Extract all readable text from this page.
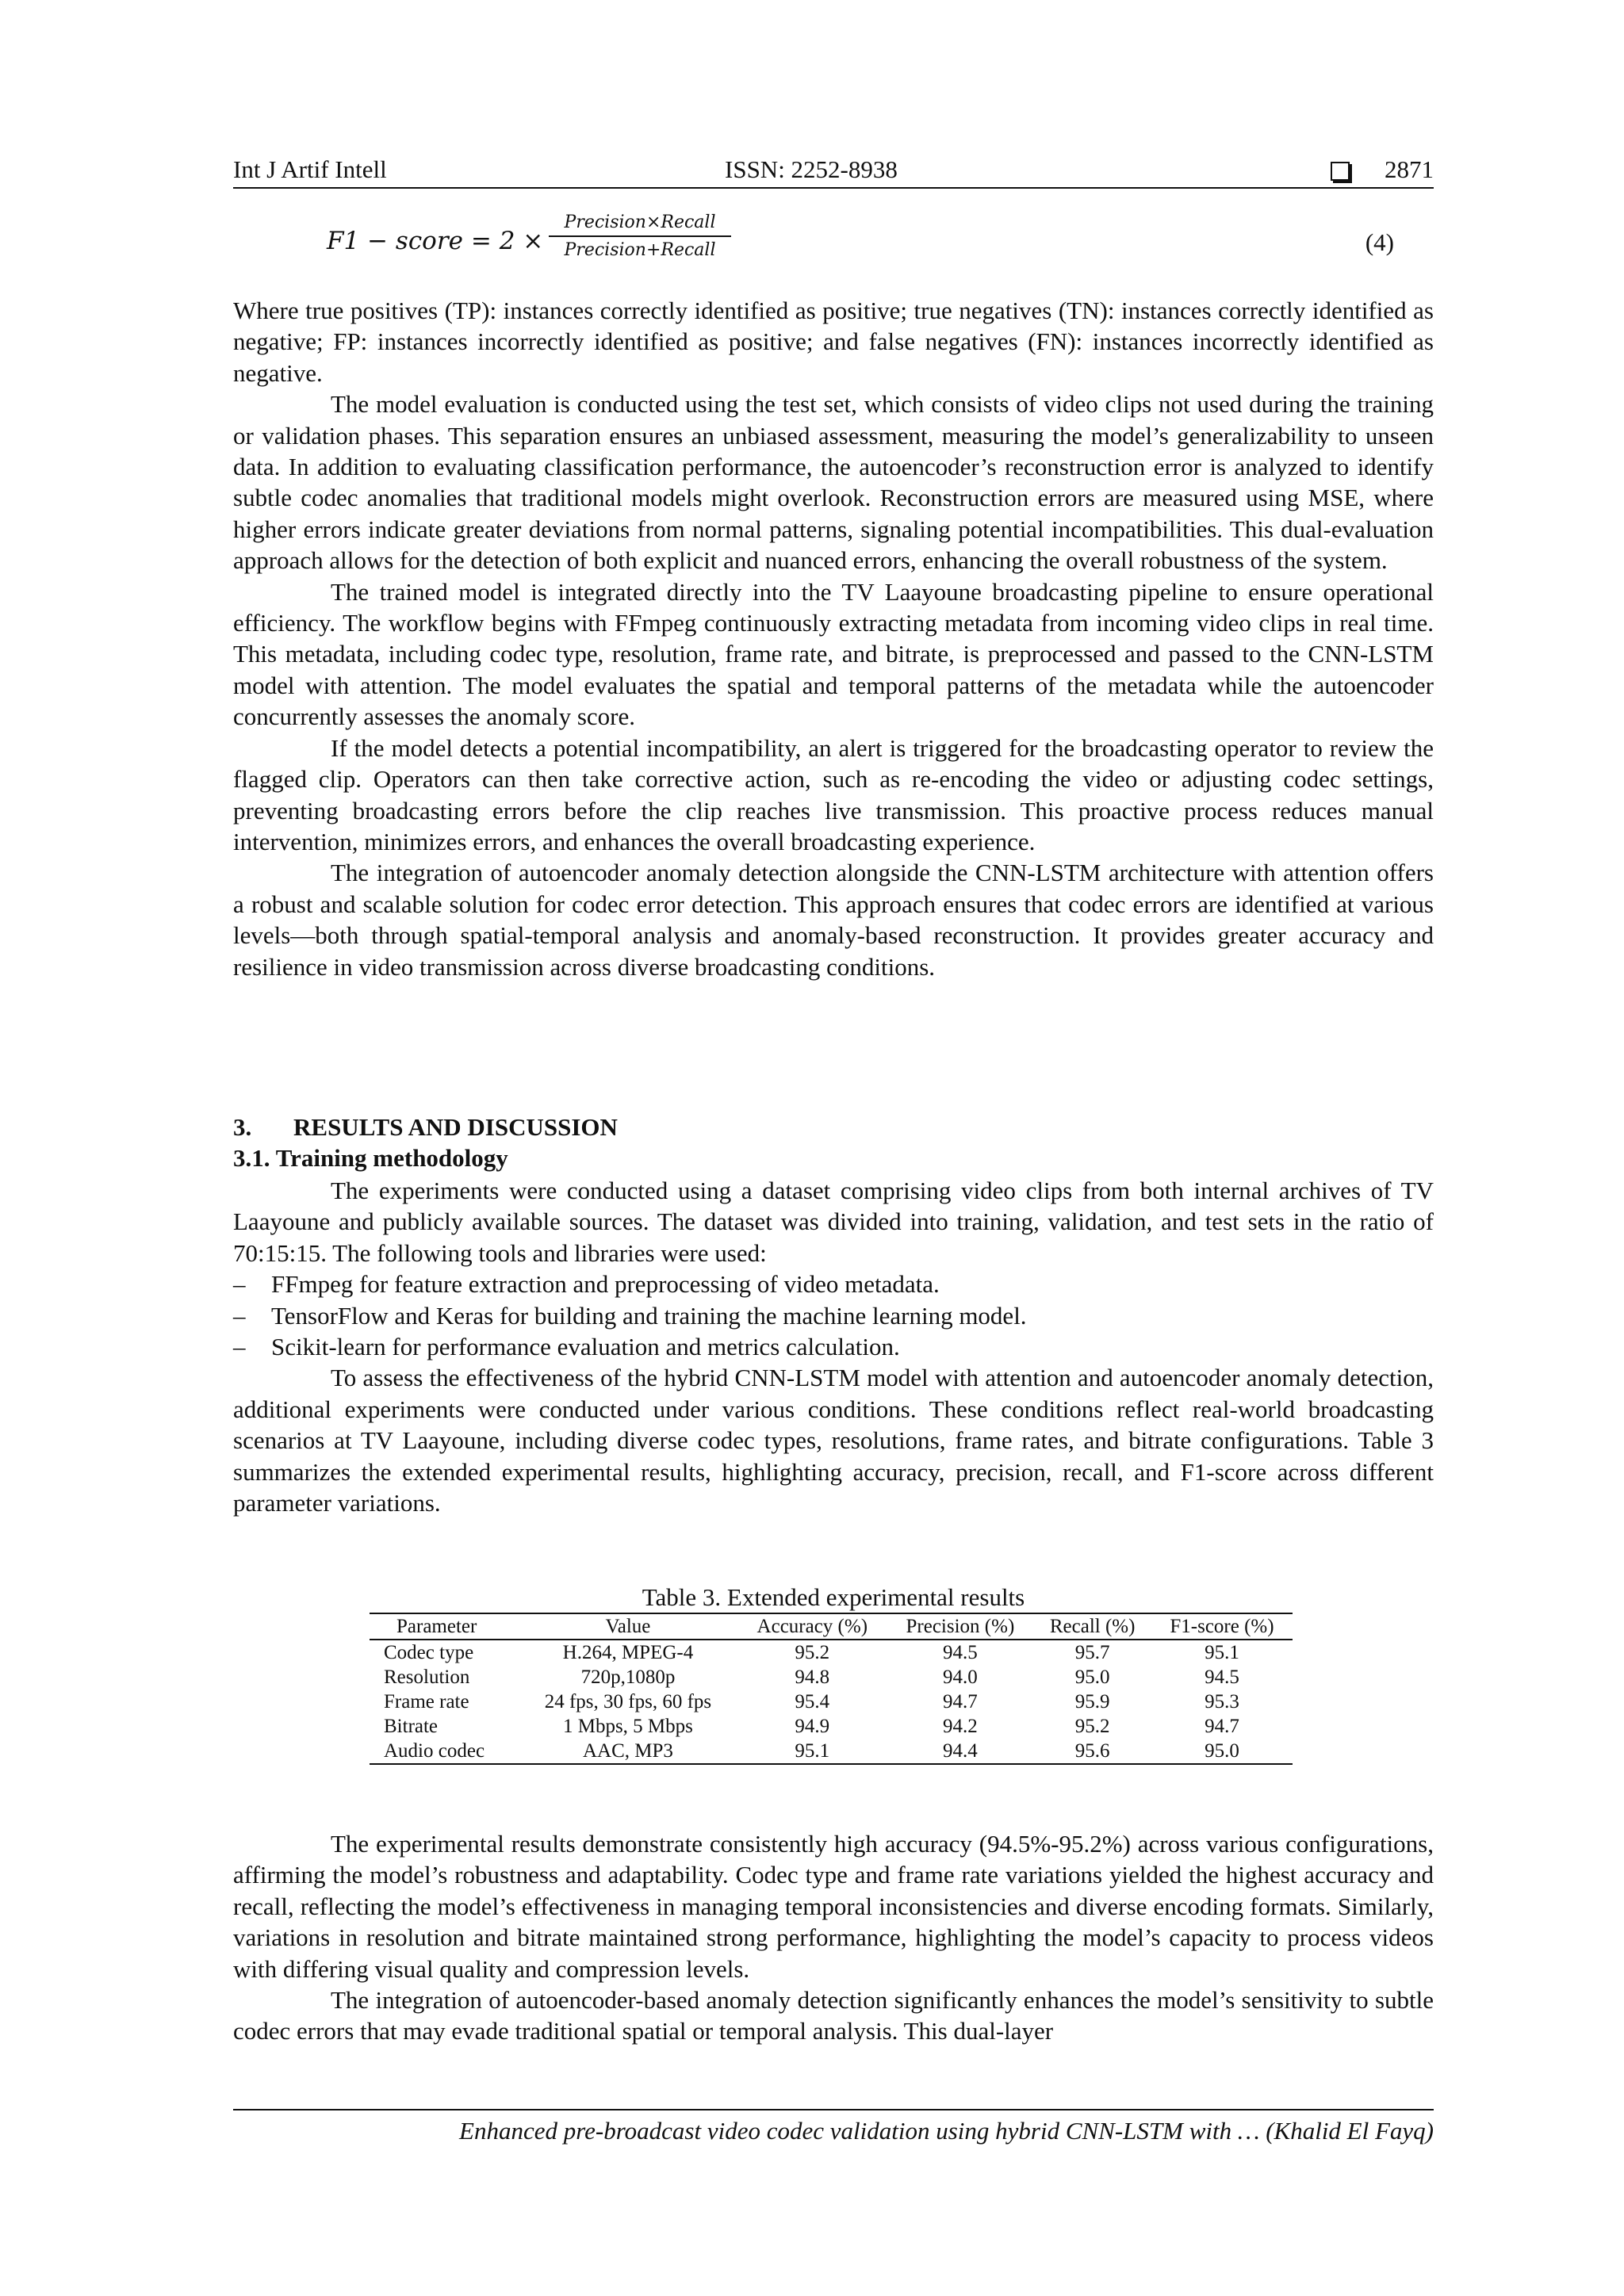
Int J Artif Intell	ISSN: 2252-8938	2871
F1 − score = 2 ×
Precision×Recall
Precision+Recall	(4)

Where true positives (TP): instances correctly identified as positive; true negatives (TN): instances correctly identified as negative; FP: instances incorrectly identified as positive; and false negatives (FN): instances incorrectly identified as negative.

The model evaluation is conducted using the test set, which consists of video clips not used during the training or validation phases. This separation ensures an unbiased assessment, measuring the model’s generalizability to unseen data. In addition to evaluating classification performance, the autoencoder’s reconstruction error is analyzed to identify subtle codec anomalies that traditional models might overlook. Reconstruction errors are measured using MSE, where higher errors indicate greater deviations from normal patterns, signaling potential incompatibilities. This dual-evaluation approach allows for the detection of both explicit and nuanced errors, enhancing the overall robustness of the system.

The trained model is integrated directly into the TV Laayoune broadcasting pipeline to ensure operational efficiency. The workflow begins with FFmpeg continuously extracting metadata from incoming video clips in real time. This metadata, including codec type, resolution, frame rate, and bitrate, is preprocessed and passed to the CNN-LSTM model with attention. The model evaluates the spatial and temporal patterns of the metadata while the autoencoder concurrently assesses the anomaly score.

If the model detects a potential incompatibility, an alert is triggered for the broadcasting operator to review the flagged clip. Operators can then take corrective action, such as re-encoding the video or adjusting codec settings, preventing broadcasting errors before the clip reaches live transmission. This proactive process reduces manual intervention, minimizes errors, and enhances the overall broadcasting experience.

The integration of autoencoder anomaly detection alongside the CNN-LSTM architecture with attention offers a robust and scalable solution for codec error detection. This approach ensures that codec errors are identified at various levels—both through spatial-temporal analysis and anomaly-based reconstruction. It provides greater accuracy and resilience in video transmission across diverse broadcasting conditions.

3. RESULTS AND DISCUSSION
3.1. Training methodology

The experiments were conducted using a dataset comprising video clips from both internal archives of TV Laayoune and publicly available sources. The dataset was divided into training, validation, and test sets in the ratio of 70:15:15. The following tools and libraries were used:

–	FFmpeg for feature extraction and preprocessing of video metadata.
–	TensorFlow and Keras for building and training the machine learning model.
–	Scikit-learn for performance evaluation and metrics calculation.

To assess the effectiveness of the hybrid CNN-LSTM model with attention and autoencoder anomaly detection, additional experiments were conducted under various conditions. These conditions reflect real-world broadcasting scenarios at TV Laayoune, including diverse codec types, resolutions, frame rates, and bitrate configurations. Table 3 summarizes the extended experimental results, highlighting accuracy, precision, recall, and F1-score across different parameter variations.

Table 3. Extended experimental results
Parameter	Value	Accuracy (%)	Precision (%)	Recall (%)	F1-score (%)
Codec type	H.264, MPEG-4	95.2	94.5	95.7	95.1
Resolution	720p,1080p	94.8	94.0	95.0	94.5
Frame rate	24 fps, 30 fps, 60 fps	95.4	94.7	95.9	95.3
Bitrate	1 Mbps, 5 Mbps	94.9	94.2	95.2	94.7
Audio codec	AAC, MP3	95.1	94.4	95.6	95.0

The experimental results demonstrate consistently high accuracy (94.5%-95.2%) across various configurations, affirming the model’s robustness and adaptability. Codec type and frame rate variations yielded the highest accuracy and recall, reflecting the model’s effectiveness in managing temporal inconsistencies and diverse encoding formats. Similarly, variations in resolution and bitrate maintained strong performance, highlighting the model’s capacity to process videos with differing visual quality and compression levels.

The integration of autoencoder-based anomaly detection significantly enhances the model’s sensitivity to subtle codec errors that may evade traditional spatial or temporal analysis. This dual-layer

Enhanced pre-broadcast video codec validation using hybrid CNN-LSTM with … (Khalid El Fayq)
